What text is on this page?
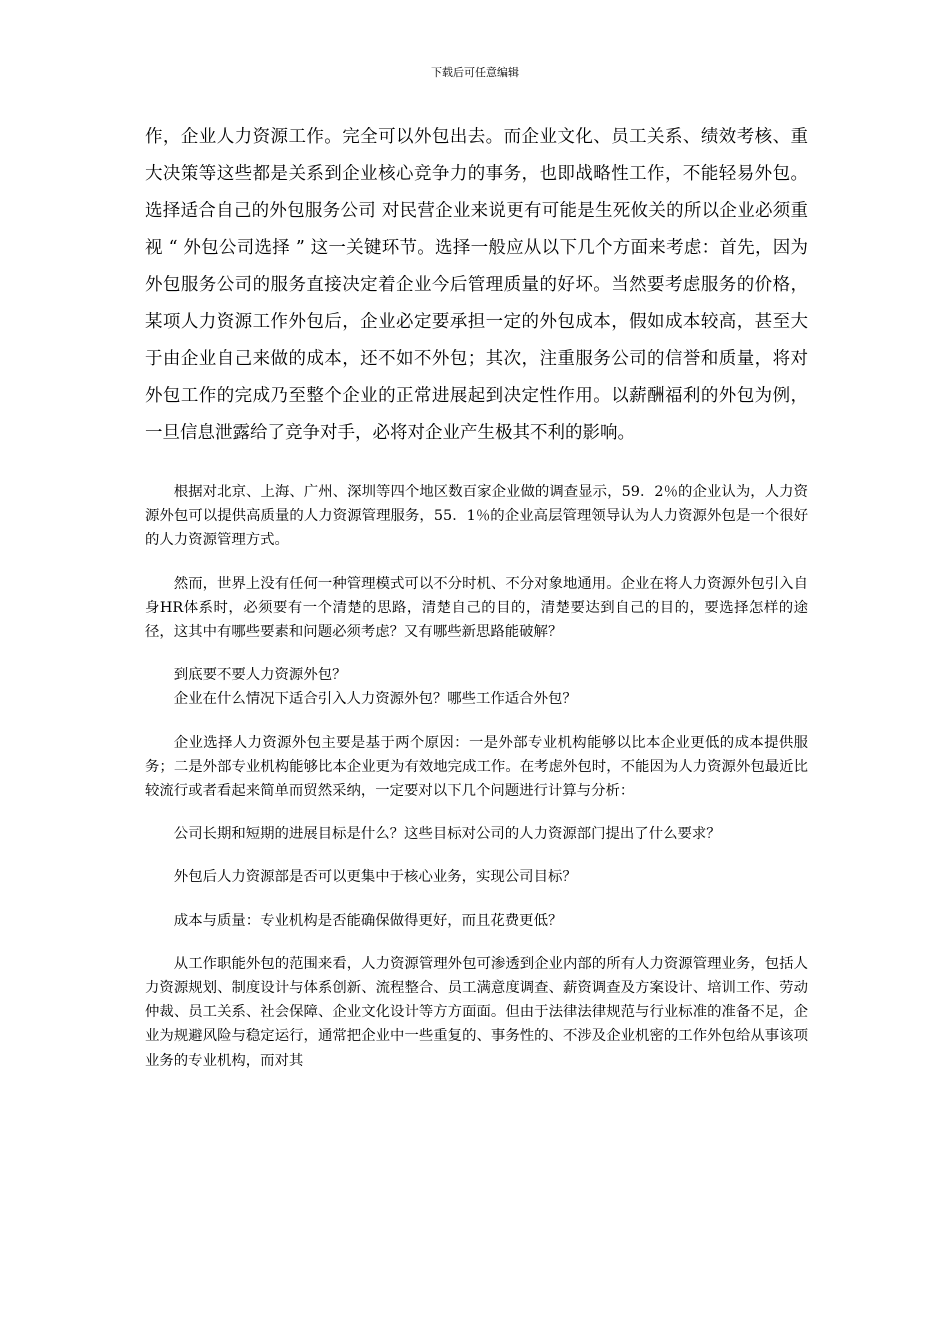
下载后可任意编辑

作，企业人力资源工作。完全可以外包出去。而企业文化、员工关系、绩效考核、重大决策等这些都是关系到企业核心竞争力的事务，也即战略性工作，不能轻易外包。选择适合自己的外包服务公司 对民营企业来说更有可能是生死攸关的所以企业必须重视 “ 外包公司选择 ” 这一关键环节。选择一般应从以下几个方面来考虑：首先，因为外包服务公司的服务直接决定着企业今后管理质量的好坏。当然要考虑服务的价格，某项人力资源工作外包后，企业必定要承担一定的外包成本，假如成本较高，甚至大于由企业自己来做的成本，还不如不外包；其次，注重服务公司的信誉和质量，将对外包工作的完成乃至整个企业的正常进展起到决定性作用。以薪酬福利的外包为例，一旦信息泄露给了竞争对手，必将对企业产生极其不利的影响。

根据对北京、上海、广州、深圳等四个地区数百家企业做的调查显示，59．2％的企业认为，人力资源外包可以提供高质量的人力资源管理服务，55．1％的企业高层管理领导认为人力资源外包是一个很好的人力资源管理方式。

然而，世界上没有任何一种管理模式可以不分时机、不分对象地通用。企业在将人力资源外包引入自身HR体系时，必须要有一个清楚的思路，清楚自己的目的，清楚要达到自己的目的，要选择怎样的途径，这其中有哪些要素和问题必须考虑？又有哪些新思路能破解？

到底要不要人力资源外包？

企业在什么情况下适合引入人力资源外包？哪些工作适合外包？

企业选择人力资源外包主要是基于两个原因：一是外部专业机构能够以比本企业更低的成本提供服务；二是外部专业机构能够比本企业更为有效地完成工作。在考虑外包时，不能因为人力资源外包最近比较流行或者看起来简单而贸然采纳，一定要对以下几个问题进行计算与分析：

公司长期和短期的进展目标是什么？这些目标对公司的人力资源部门提出了什么要求？

外包后人力资源部是否可以更集中于核心业务，实现公司目标？

成本与质量：专业机构是否能确保做得更好，而且花费更低？

从工作职能外包的范围来看，人力资源管理外包可渗透到企业内部的所有人力资源管理业务，包括人力资源规划、制度设计与体系创新、流程整合、员工满意度调查、薪资调查及方案设计、培训工作、劳动仲裁、员工关系、社会保障、企业文化设计等方方面面。但由于法律法律规范与行业标准的准备不足，企业为规避风险与稳定运行，通常把企业中一些重复的、事务性的、不涉及企业机密的工作外包给从事该项业务的专业机构，而对其
